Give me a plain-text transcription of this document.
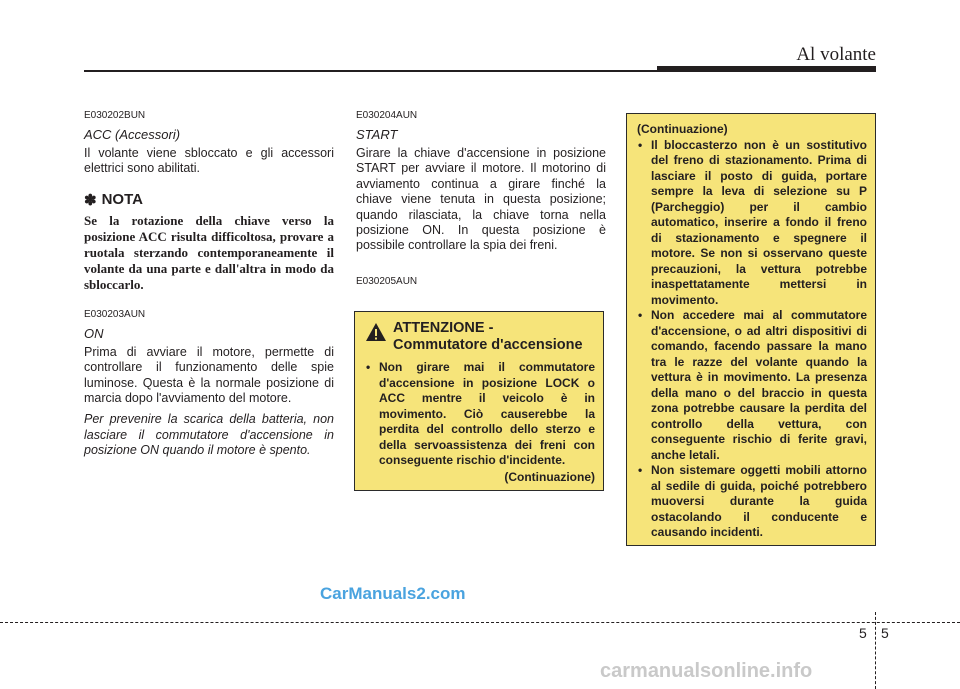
Al volante

E030202BUN

ACC (Accessori)

Il volante viene sbloccato e gli accessori elettrici sono abilitati.

✽ NOTA

Se la rotazione della chiave verso la posizione ACC risulta difficoltosa, provare a ruotala sterzando contemporaneamente il volante da una parte e dall'altra in modo da sbloccarlo.

E030203AUN

ON

Prima di avviare il motore, permette di controllare il funzionamento delle spie luminose. Questa è la normale posizione di marcia dopo l'avviamento del motore.

Per prevenire la scarica della batteria, non lasciare il commutatore d'accensione in posizione ON quando il motore è spento.

E030204AUN

START

Girare la chiave d'accensione in posizione START per avviare il motore. Il motorino di avviamento continua a girare finché la chiave viene tenuta in questa posizione; quando rilasciata, la chiave torna nella posizione ON. In questa posizione è possibile controllare la spia dei freni.

E030205AUN

ATTENZIONE -
Commutatore d'accensione
• Non girare mai il commutatore d'accensione in posizione LOCK o ACC mentre il veicolo è in movimento. Ciò causerebbe la perdita del controllo dello sterzo e della servoassistenza dei freni con conseguente rischio d'incidente.
(Continuazione)
(Continuazione)
• Il bloccasterzo non è un sostitutivo del freno di stazionamento. Prima di lasciare il posto di guida, portare sempre la leva di selezione su P (Parcheggio) per il cambio automatico, inserire a fondo il freno di stazionamento e spegnere il motore. Se non si osservano queste precauzioni, la vettura potrebbe inaspettatamente mettersi in movimento.
• Non accedere mai al commutatore d'accensione, o ad altri dispositivi di comando, facendo passare la mano tra le razze del volante quando la vettura è in movimento. La presenza della mano o del braccio in questa zona potrebbe causare la perdita del controllo della vettura, con conseguente rischio di ferite gravi, anche letali.
• Non sistemare oggetti mobili attorno al sedile di guida, poiché potrebbero muoversi durante la guida ostacolando il conducente e causando incidenti.
CarManuals2.com
5 5
carmanualsonline.info
